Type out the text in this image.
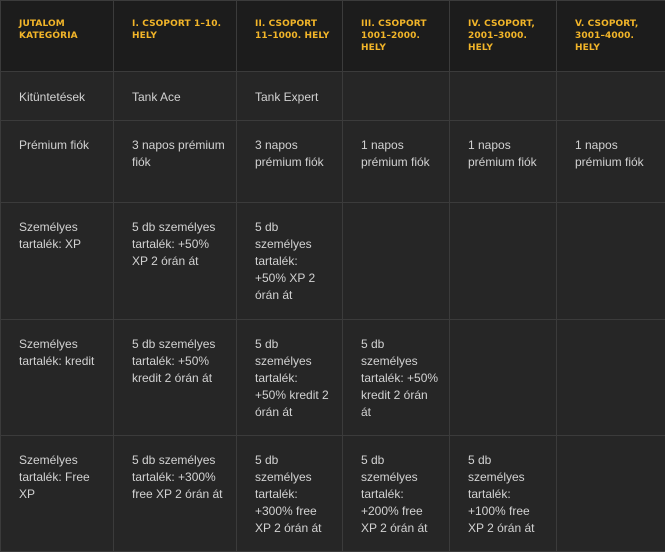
JUTALOM KATEGÓRIA	I. CSOPORT 1–10. HELY	II. CSOPORT 11–1000. HELY	III. CSOPORT 1001–2000. HELY	IV. CSOPORT, 2001–3000. HELY	V. CSOPORT, 3001–4000. HELY
Kitüntetések	Tank Ace	Tank Expert			
Prémium fiók	3 napos prémium fiók	3 napos prémium fiók	1 napos prémium fiók	1 napos prémium fiók	1 napos prémium fiók
Személyes tartalék: XP	5 db személyes tartalék: +50% XP 2 órán át	5 db személyes tartalék: +50% XP 2 órán át			
Személyes tartalék: kredit	5 db személyes tartalék: +50% kredit 2 órán át	5 db személyes tartalék: +50% kredit 2 órán át	5 db személyes tartalék: +50% kredit 2 órán át		
Személyes tartalék: Free XP	5 db személyes tartalék: +300% free XP 2 órán át	5 db személyes tartalék: +300% free XP 2 órán át	5 db személyes tartalék: +200% free XP 2 órán át	5 db személyes tartalék: +100% free XP 2 órán át	
